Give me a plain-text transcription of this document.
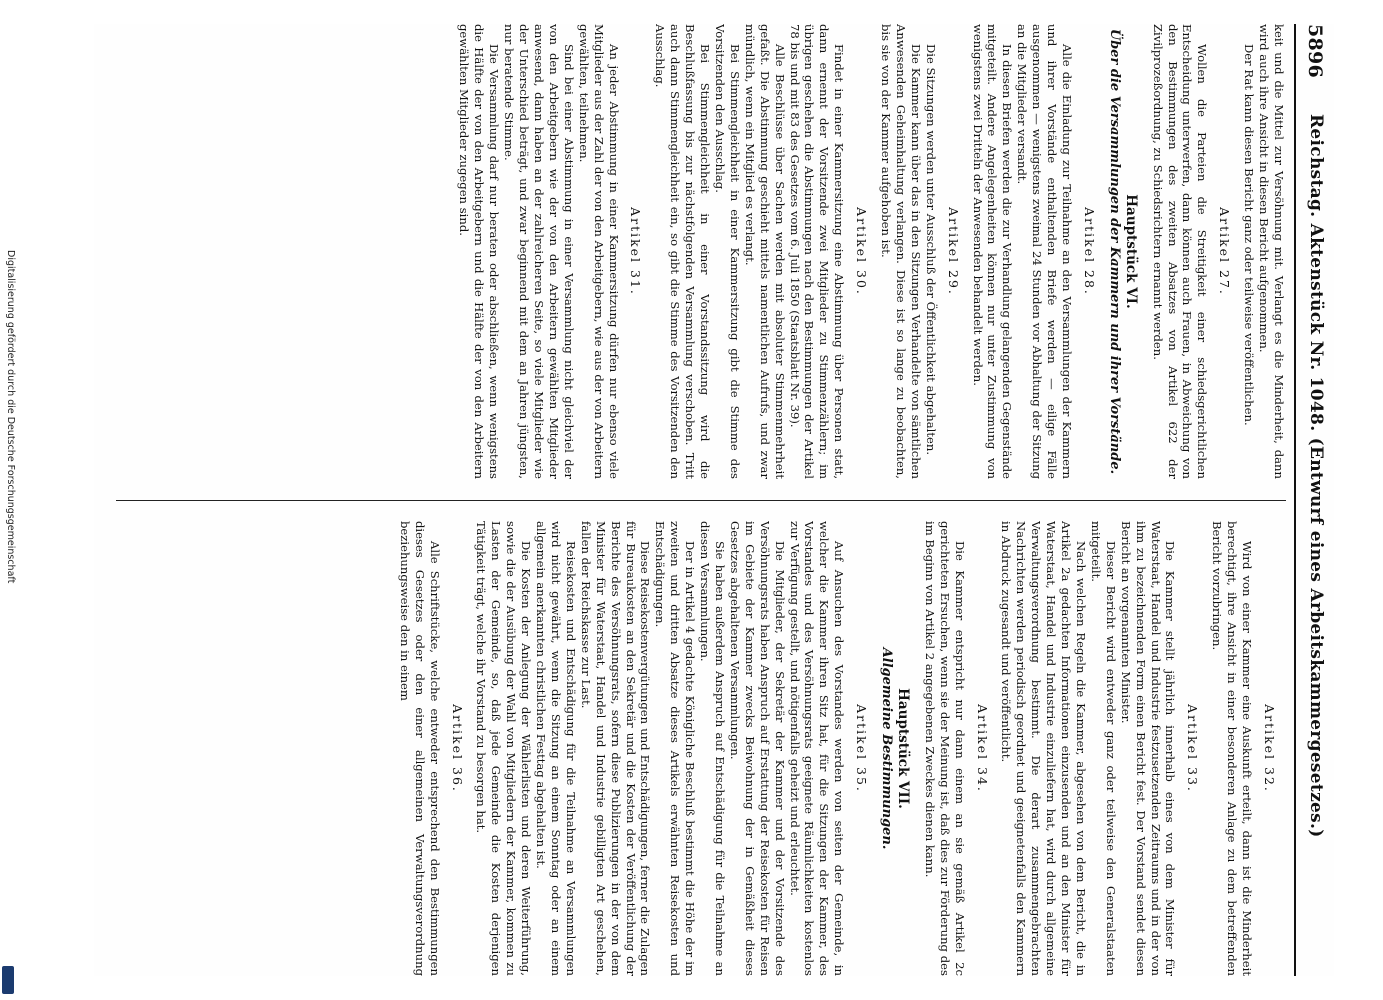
Digitalisierung gefördert durch die Deutsche Forschungsgemeinschaft
5896
Reichstag. Aktenstück Nr. 1048. (Entwurf eines Arbeitskammergesetzes.)

keit und die Mittel zur Versöhnung mit. Verlangt es die Minderheit, dann wird auch ihre Ansicht in diesen Bericht aufgenommen.

Der Rat kann diesen Bericht ganz oder teilweise veröffentlichen.

Artikel 27.

Wollen die Parteien die Streitigkeit einer schiedsgerichtlichen Entscheidung unterwerfen, dann können auch Frauen, in Abweichung von den Bestimmungen des zweiten Absatzes von Artikel 622 der Zivilprozeßordnung, zu Schiedsrichtern ernannt werden.

Hauptstück VI.

Über die Versammlungen der Kammern und ihrer Vorstände.

Artikel 28.

Alle die Einladung zur Teilnahme an den Versammlungen der Kammern und ihrer Vorstände enthaltenden Briefe werden — eilige Fälle ausgenommen — wenigstens zweimal 24 Stunden vor Abhaltung der Sitzung an die Mitglieder versandt.

In diesen Briefen werden die zur Verhandlung gelangenden Gegenstände mitgeteilt. Andere Angelegenheiten können nur unter Zustimmung von wenigstens zwei Dritteln der Anwesenden behandelt werden.

Artikel 29.

Die Sitzungen werden unter Ausschluß der Öffentlichkeit abgehalten.

Die Kammer kann über das in den Sitzungen Verhandelte von sämtlichen Anwesenden Geheimhaltung verlangen. Diese ist so lange zu beobachten, bis sie von der Kammer aufgehoben ist.

Artikel 30.

Findet in einer Kammersitzung eine Abstimmung über Personen statt, dann ernennt der Vorsitzende zwei Mitglieder zu Stimmenzählern; im übrigen geschehen die Abstimmungen nach den Bestimmungen der Artikel 78 bis und mit 83 des Gesetzes vom 6. Juli 1850 (Staatsblatt Nr. 39).

Alle Beschlüsse über Sachen werden mit absoluter Stimmenmehrheit gefaßt. Die Abstimmung geschieht mittels namentlichen Aufrufs, und zwar mündlich, wenn ein Mitglied es verlangt.

Bei Stimmengleichheit in einer Kammersitzung gibt die Stimme des Vorsitzenden den Ausschlag.

Bei Stimmengleichheit in einer Vorstandssitzung wird die Beschlußfassung bis zur nächstfolgenden Versammlung verschoben. Tritt auch dann Stimmengleichheit ein, so gibt die Stimme des Vorsitzenden den Ausschlag.

Artikel 31.

An jeder Abstimmung in einer Kammersitzung dürfen nur ebenso viele Mitglieder aus der Zahl der von den Arbeitgebern, wie aus der von Arbeitern gewählten, teilnehmen.

Sind bei einer Abstimmung in einer Versammlung nicht gleichviel der von den Arbeitgebern wie der von den Arbeitern gewählten Mitglieder anwesend, dann haben an der zahlreicheren Seite, so viele Mitglieder wie der Unterschied beträgt, und zwar beginnend mit dem an Jahren jüngsten, nur beratende Stimme.

Die Versammlung darf nur beraten oder abschließen, wenn wenigstens die Hälfte der von den Arbeitgebern und die Hälfte der von den Arbeitern gewählten Mitglieder zugegen sind.

Artikel 32.

Wird von einer Kammer eine Auskunft erteilt, dann ist die Minderheit berechtigt, ihre Ansicht in einer besonderen Anlage zu dem betreffenden Bericht vorzubringen.

Artikel 33.

Die Kammer stellt jährlich innerhalb eines von dem Minister für Waterstaat, Handel und Industrie festzusetzenden Zeitraums und in der von ihm zu bezeichnenden Form einen Bericht fest. Der Vorstand sendet diesen Bericht an vorgenannten Minister.

Dieser Bericht wird entweder ganz oder teilweise den Generalstaaten mitgeteilt.

Nach welchen Regeln die Kammer, abgesehen von dem Bericht, die in Artikel 2a gedachten Informationen einzusenden und an den Minister für Waterstaat, Handel und Industrie einzuliefern hat, wird durch allgemeine Verwaltungsverordnung bestimmt. Die derart zusammengebrachten Nachrichten werden periodisch geordnet und geeignetenfalls den Kammern in Abdruck zugesandt und veröffentlicht.

Artikel 34.

Die Kammer entspricht nur dann einem an sie gemäß Artikel 2c gerichteten Ersuchen, wenn sie der Meinung ist, daß dies zur Förderung des im Beginn von Artikel 2 angegebenen Zweckes dienen kann.

Hauptstück VII.

Allgemeine Bestimmungen.

Artikel 35.

Auf Ansuchen des Vorstandes werden von seiten der Gemeinde, in welcher die Kammer ihren Sitz hat, für die Sitzungen der Kammer, des Vorstandes und des Versöhnungsrats geeignete Räumlichkeiten kostenlos zur Verfügung gestellt, und nötigenfalls geheizt und erleuchtet.

Die Mitglieder, der Sekretär der Kammer und der Vorsitzende des Versöhnungsrats haben Anspruch auf Erstattung der Reisekosten für Reisen im Gebiete der Kammer zwecks Beiwohnung der in Gemäßheit dieses Gesetzes abgehaltenen Versammlungen.

Sie haben außerdem Anspruch auf Entschädigung für die Teilnahme an diesen Versammlungen.

Der in Artikel 4 gedachte Königliche Beschluß bestimmt die Höhe der im zweiten und dritten Absatze dieses Artikels erwähnten Reisekosten und Entschädigungen.

Diese Reisekostenvergütungen und Entschädigungen, ferner die Zulagen für Bureaukosten an den Sekretär und die Kosten der Veröffentlichung der Berichte des Versöhnungsrats, sofern diese Publizierungen in der von dem Minister für Waterstaat, Handel und Industrie gebilligten Art geschehen, fallen der Reichskasse zur Last.

Reisekosten und Entschädigung für die Teilnahme an Versammlungen wird nicht gewährt, wenn die Sitzung an einem Sonntag oder an einem allgemein anerkannten christlichen Festtag abgehalten ist.

Die Kosten der Anlegung der Wählerlisten und deren Weiterführung, sowie die der Ausübung der Wahl von Mitgliedern der Kammer, kommen zu Lasten der Gemeinde, so, daß jede Gemeinde die Kosten derjenigen Tätigkeit trägt, welche ihr Vorstand zu besorgen hat.

Artikel 36.

Alle Schriftstücke, welche entweder entsprechend den Bestimmungen dieses Gesetzes oder den einer allgemeinen Verwaltungsverordnung beziehungsweise den in einem
